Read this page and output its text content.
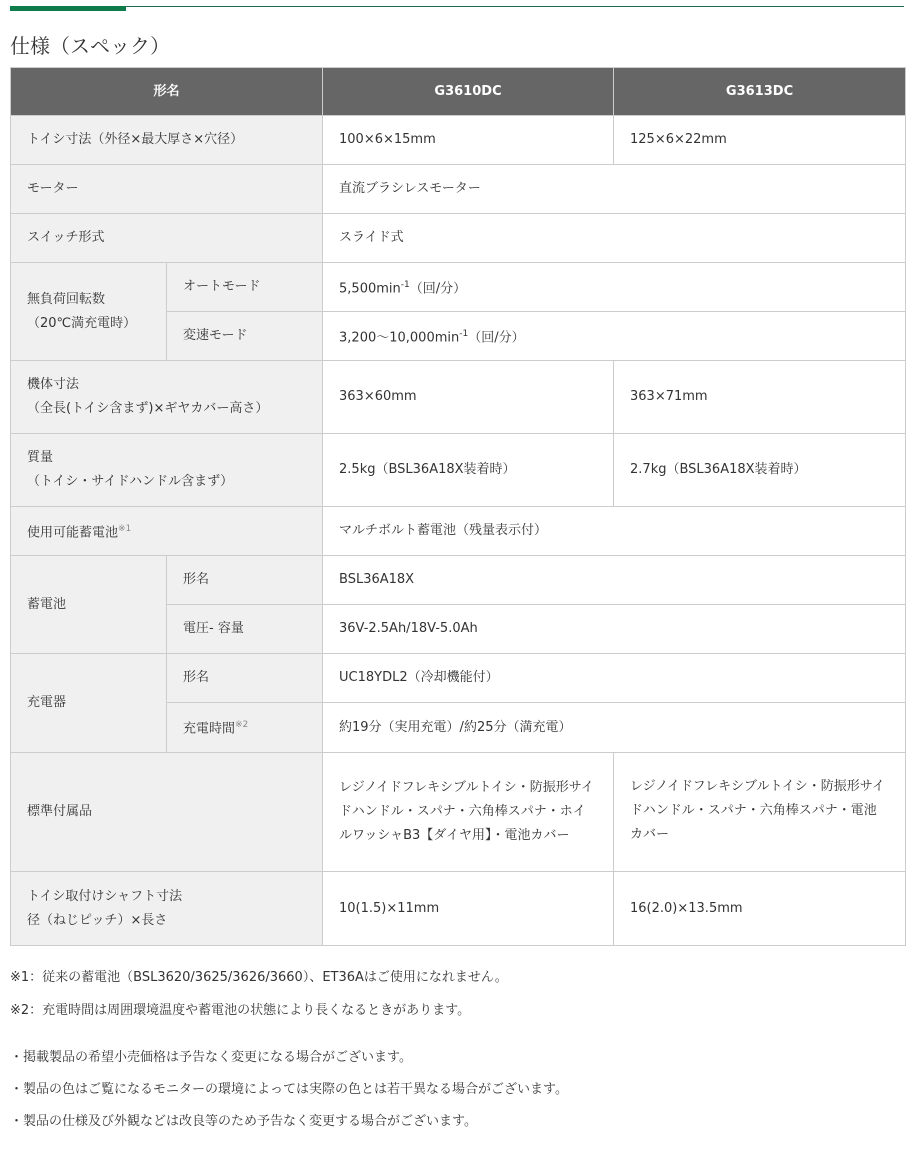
仕様（スペック）
形名		G3610DC	G3613DC
トイシ寸法（外径×最大厚さ×穴径）		100×6×15mm	125×6×22mm
モーター		直流ブラシレスモーター	
スイッチ形式		スライド式	

無負荷回転数
（20℃満充電時）	オートモード	$5,500\min^{-1}$（回/分）	
	変速モード	$3,200\sim 10,000\min^{-1}$（回/分）	

機体寸法
（全長(トイシ含まず)×ギヤカバー高さ）		363×60mm	363×71mm

質量
（トイシ・サイドハンドル含まず）		2.5kg（BSL36A18X装着時）	2.7kg（BSL36A18X装着時）
使用可能蓄電池$^{※1}$		マルチボルト蓄電池（残量表示付）	
蓄電池	形名	BSL36A18X	
	電圧- 容量	36V-2.5Ah/18V-5.0Ah	
充電器	形名	UC18YDL2（冷却機能付）	
	充電時間$^{※2}$	約19分（実用充電）/約25分（満充電）	
標準付属品		レジノイドフレキシブルトイシ・防振形サイドハンドル・スパナ・六角棒スパナ・ホイルワッシャB3【ダイヤ用】・電池カバー	レジノイドフレキシブルトイシ・防振形サイドハンドル・スパナ・六角棒スパナ・電池カバー

トイシ取付けシャフト寸法
径（ねじピッチ）×長さ		10(1.5)×11mm	16(2.0)×13.5mm
※1：従来の蓄電池（BSL3620/3625/3626/3660）、ET36Aはご使用になれません。
※2：充電時間は周囲環境温度や蓄電池の状態により長くなるときがあります。
・掲載製品の希望小売価格は予告なく変更になる場合がございます。
・製品の色はご覧になるモニターの環境によっては実際の色とは若干異なる場合がございます。
・製品の仕様及び外観などは改良等のため予告なく変更する場合がございます。
